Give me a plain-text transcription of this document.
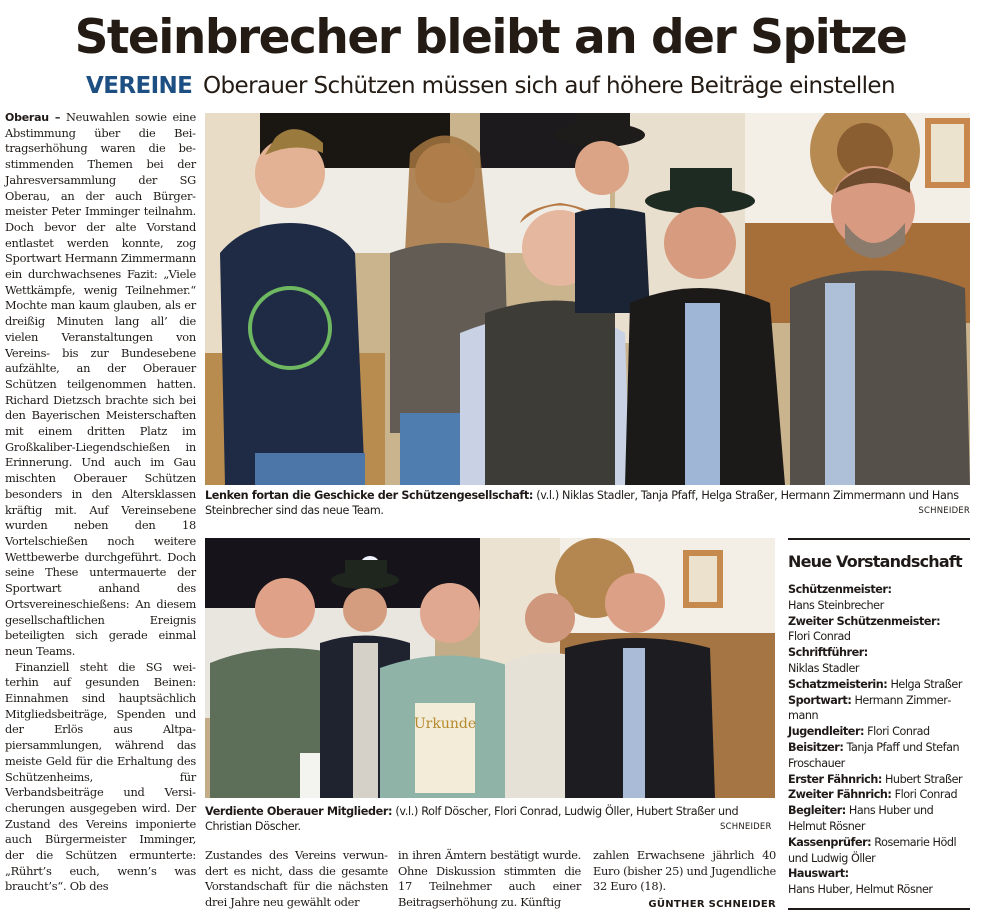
Steinbrecher bleibt an der Spitze
VEREINE Oberauer Schützen müssen sich auf höhere Beiträge einstellen

Oberau – Neuwahlen sowie eine Abstimmung über die Beitragserhöhung waren die bestimmenden Themen bei der Jahresversammlung der SG Oberau, an der auch Bürgermeister Peter Imminger teilnahm. Doch bevor der alte Vorstand entlastet werden konnte, zog Sportwart Hermann Zimmermann ein durchwachsenes Fazit: „Viele Wettkämpfe, wenig Teilnehmer.“ Mochte man kaum glauben, als er dreißig Minuten lang all’ die vielen Veranstaltungen von Vereins- bis zur Bundesebene aufzählte, an der Oberauer Schützen teilgenommen hatten. Richard Dietzsch brachte sich bei den Bayerischen Meisterschaften mit einem dritten Platz im Großkaliber-Liegendschießen in Erinnerung. Und auch im Gau mischten Oberauer Schützen besonders in den Altersklassen kräftig mit. Auf Vereinsebene wurden neben den 18 Vortelschießen noch weitere Wettbewerbe durchgeführt. Doch seine These untermauerte der Sportwart anhand des Ortsvereineschießens: An diesem gesellschaftlichen Ereignis beteiligten sich gerade einmal neun Teams.

Finanziell steht die SG weiterhin auf gesunden Beinen: Einnahmen sind hauptsächlich Mitgliedsbeiträge, Spenden und der Erlös aus Altpapiersammlungen, während das meiste Geld für die Erhaltung des Schützenheims, für Verbandsbeiträge und Versicherungen ausgegeben wird. Der Zustand des Vereins imponierte auch Bürgermeister Imminger, der die Schützen ermunterte: „Rührt’s euch, wenn’s was braucht’s“. Ob des

Lenken fortan die Geschicke der Schützengesellschaft: (v.l.) Niklas Stadler, Tanja Pfaff, Helga Straßer, Hermann Zimmermann und Hans Steinbrecher sind das neue Team.	SCHNEIDER
Urkunde
Verdiente Oberauer Mitglieder: (v.l.) Rolf Döscher, Flori Conrad, Ludwig Öller, Hubert Straßer und Christian Döscher.	SCHNEIDER
Zustandes des Vereins verwundert es nicht, dass die gesamte Vorstandschaft für die nächsten drei Jahre neu gewählt oder
in ihren Ämtern bestätigt wurde. Ohne Diskussion stimmten die 17 Teilnehmer auch einer Beitragserhöhung zu. Künftig
zahlen Erwachsene jährlich 40 Euro (bisher 25) und Jugendliche 32 Euro (18).
GÜNTHER SCHNEIDER
Neue Vorstandschaft
Schützenmeister:
Hans Steinbrecher
Zweiter Schützenmeister:
Flori Conrad
Schriftführer:
Niklas Stadler
Schatzmeisterin: Helga Straßer
Sportwart: Hermann Zimmermann
Jugendleiter: Flori Conrad
Beisitzer: Tanja Pfaff und Stefan Froschauer
Erster Fähnrich: Hubert Straßer
Zweiter Fähnrich: Flori Conrad
Begleiter: Hans Huber und Helmut Rösner
Kassenprüfer: Rosemarie Hödl und Ludwig Öller
Hauswart:
Hans Huber, Helmut Rösner
